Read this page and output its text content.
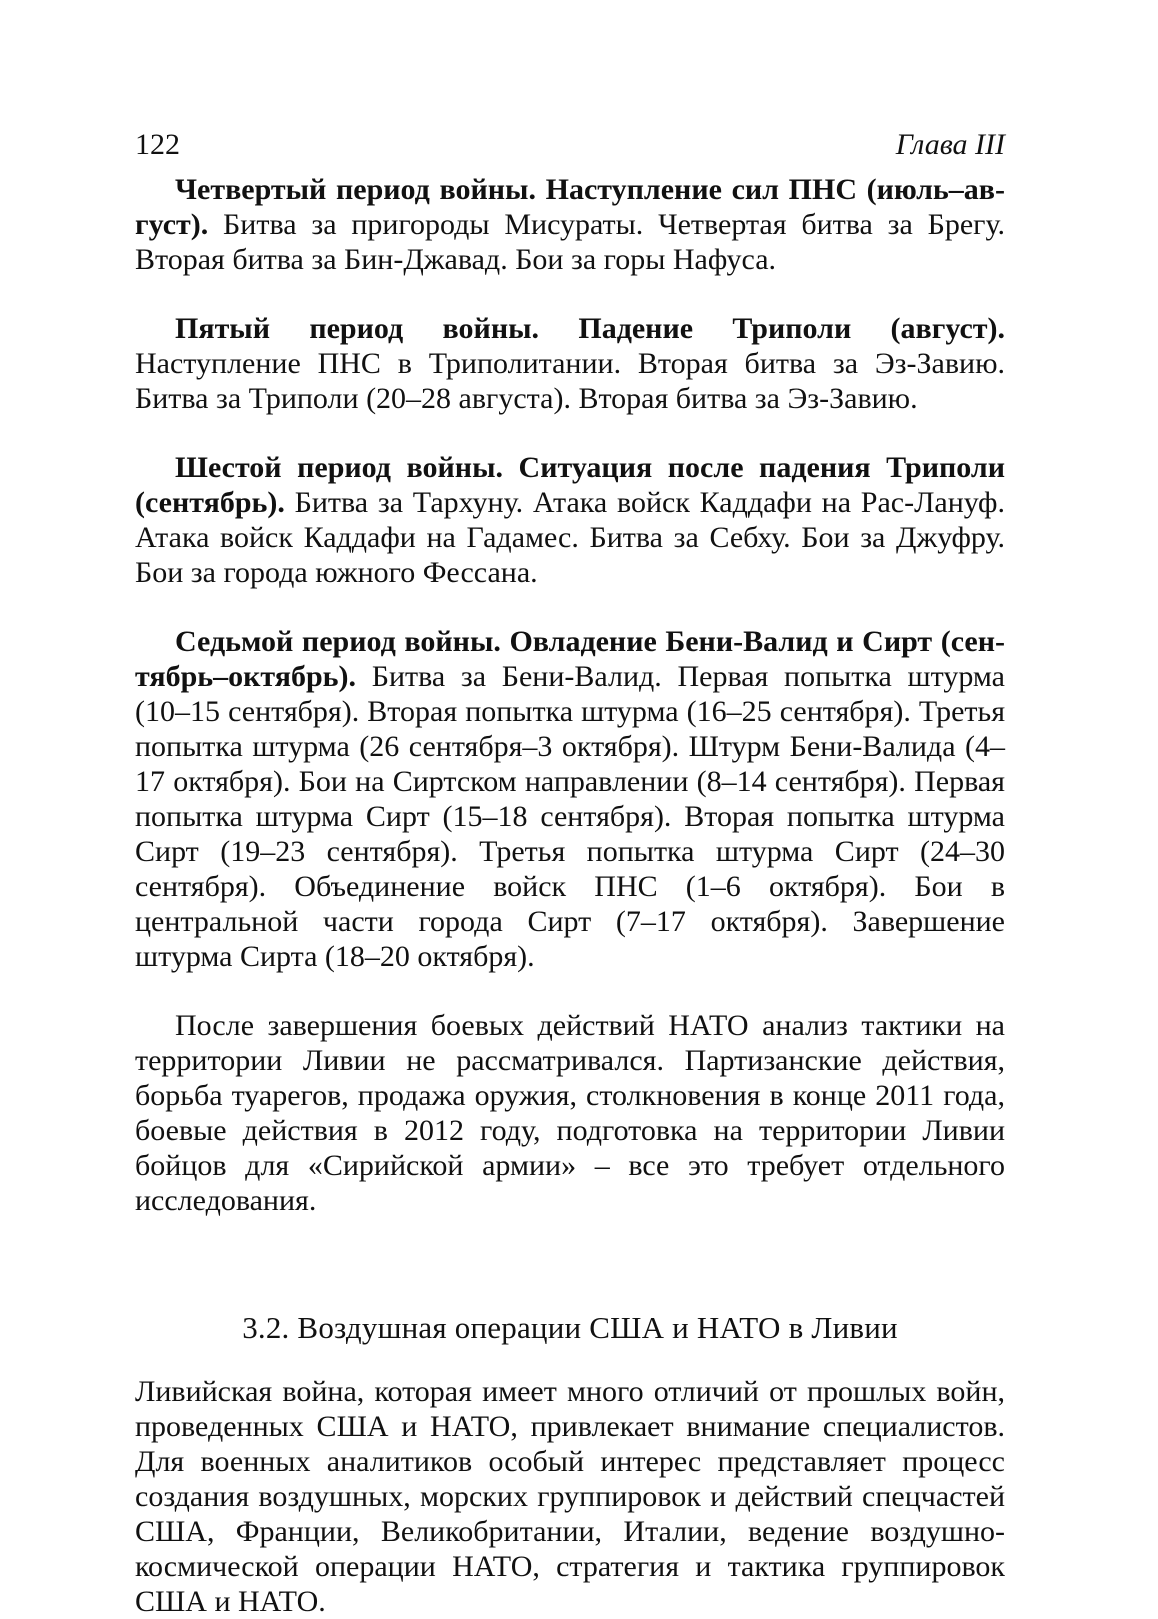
122	Глава III

Четвертый период войны. Наступление сил ПНС (июль–август). Битва за пригороды Мисураты. Четвертая битва за Брегу. Вторая битва за Бин-Джавад. Бои за горы Нафуса.

Пятый период войны. Падение Триполи (август). Наступление ПНС в Триполитании. Вторая битва за Эз-Завию. Битва за Триполи (20–28 августа). Вторая битва за Эз-Завию.

Шестой период войны. Ситуация после падения Триполи (сентябрь). Битва за Тархуну. Атака войск Каддафи на Рас-Лануф. Атака войск Каддафи на Гадамес. Битва за Себху. Бои за Джуфру. Бои за города южного Фессана.

Седьмой период войны. Овладение Бени-Валид и Сирт (сентябрь–октябрь). Битва за Бени-Валид. Первая попытка штурма (10–15 сентября). Вторая попытка штурма (16–25 сентября). Третья попытка штурма (26 сентября–3 октября). Штурм Бени-Валида (4–17 октября). Бои на Сиртском направлении (8–14 сентября). Первая попытка штурма Сирт (15–18 сентября). Вторая попытка штурма Сирт (19–23 сентября). Третья попытка штурма Сирт (24–30 сентября). Объединение войск ПНС (1–6 октября). Бои в центральной части города Сирт (7–17 октября). Завершение штурма Сирта (18–20 октября).

После завершения боевых действий НАТО анализ тактики на территории Ливии не рассматривался. Партизанские действия, борьба туарегов, продажа оружия, столкновения в конце 2011 года, боевые действия в 2012 году, подготовка на территории Ливии бойцов для «Сирийской армии» – все это требует отдельного исследования.

3.2. Воздушная операции США и НАТО в Ливии

Ливийская война, которая имеет много отличий от прошлых войн, проведенных США и НАТО, привлекает внимание специалистов. Для военных аналитиков особый интерес представляет процесс создания воздушных, морских группировок и действий спецчастей США, Франции, Великобритании, Италии, ведение воздушно-космической операции НАТО, стратегия и тактика группировок США и НАТО.
